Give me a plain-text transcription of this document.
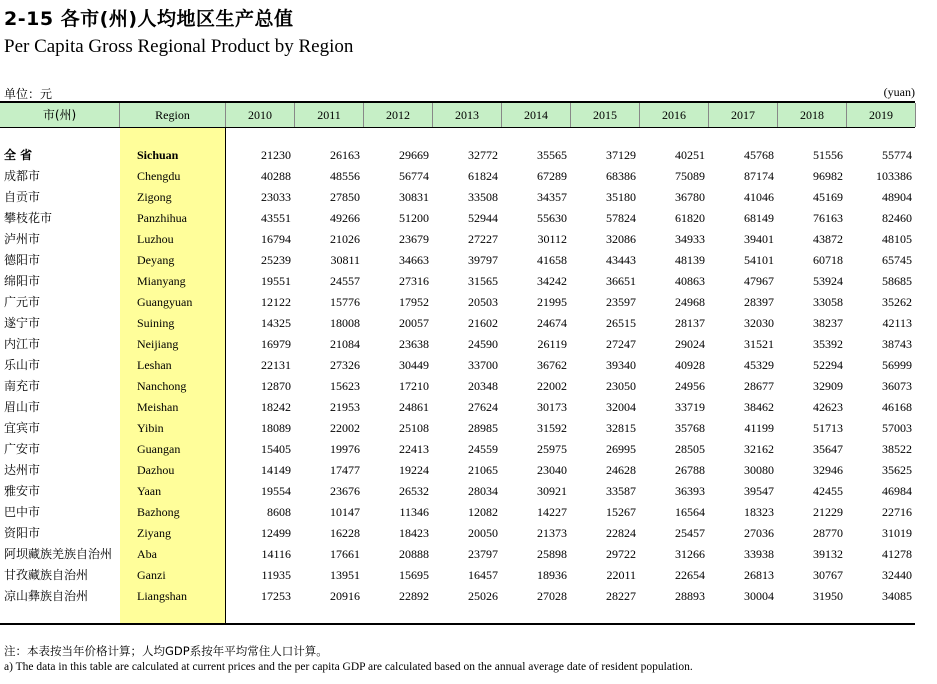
2-15 各市(州)人均地区生产总值
Per Capita Gross Regional Product by Region
单位：元	(yuan)
市(州)	Region	2010	2011	2012	2013	2014	2015	2016	2017	2018	2019
全 省	Sichuan	21230	26163	29669	32772	35565	37129	40251	45768	51556	55774
成都市	Chengdu	40288	48556	56774	61824	67289	68386	75089	87174	96982	103386
自贡市	Zigong	23033	27850	30831	33508	34357	35180	36780	41046	45169	48904
攀枝花市	Panzhihua	43551	49266	51200	52944	55630	57824	61820	68149	76163	82460
泸州市	Luzhou	16794	21026	23679	27227	30112	32086	34933	39401	43872	48105
德阳市	Deyang	25239	30811	34663	39797	41658	43443	48139	54101	60718	65745
绵阳市	Mianyang	19551	24557	27316	31565	34242	36651	40863	47967	53924	58685
广元市	Guangyuan	12122	15776	17952	20503	21995	23597	24968	28397	33058	35262
遂宁市	Suining	14325	18008	20057	21602	24674	26515	28137	32030	38237	42113
内江市	Neijiang	16979	21084	23638	24590	26119	27247	29024	31521	35392	38743
乐山市	Leshan	22131	27326	30449	33700	36762	39340	40928	45329	52294	56999
南充市	Nanchong	12870	15623	17210	20348	22002	23050	24956	28677	32909	36073
眉山市	Meishan	18242	21953	24861	27624	30173	32004	33719	38462	42623	46168
宜宾市	Yibin	18089	22002	25108	28985	31592	32815	35768	41199	51713	57003
广安市	Guangan	15405	19976	22413	24559	25975	26995	28505	32162	35647	38522
达州市	Dazhou	14149	17477	19224	21065	23040	24628	26788	30080	32946	35625
雅安市	Yaan	19554	23676	26532	28034	30921	33587	36393	39547	42455	46984
巴中市	Bazhong	8608	10147	11346	12082	14227	15267	16564	18323	21229	22716
资阳市	Ziyang	12499	16228	18423	20050	21373	22824	25457	27036	28770	31019
阿坝藏族羌族自治州	Aba	14116	17661	20888	23797	25898	29722	31266	33938	39132	41278
甘孜藏族自治州	Ganzi	11935	13951	15695	16457	18936	22011	22654	26813	30767	32440
凉山彝族自治州	Liangshan	17253	20916	22892	25026	27028	28227	28893	30004	31950	34085
注：本表按当年价格计算；人均GDP系按年平均常住人口计算。
a) The data in this table are calculated at current prices and the per capita GDP are calculated based on the annual average date of resident population.
